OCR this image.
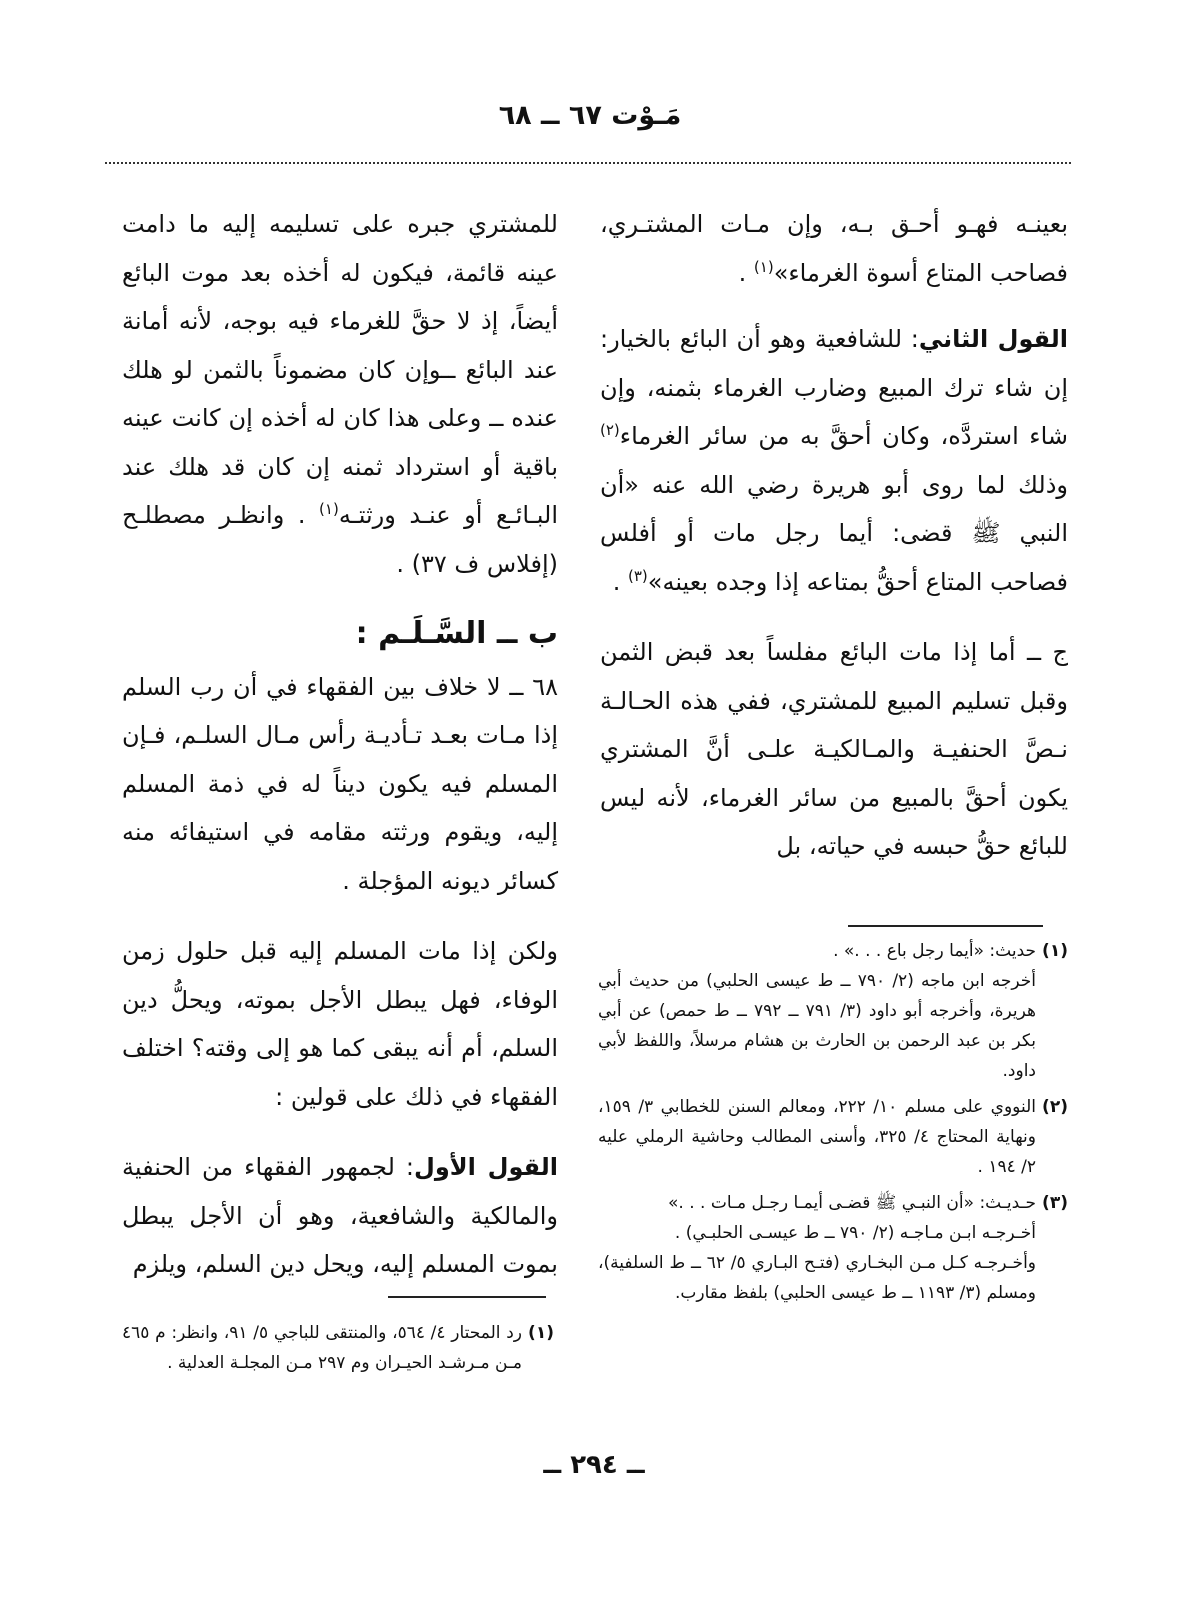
مَـوْت ٦٧ ــ ٦٨

بعينـه فهـو أحـق بـه، وإن مـات المشتـري، فصاحب المتاع أسوة الغرماء»$^{(١)}$ .

القول الثاني: للشافعية وهو أن البائع بالخيار: إن شاء ترك المبيع وضارب الغرماء بثمنه، وإن شاء استردَّه، وكان أحقَّ به من سائر الغرماء$^{(٢)}$ وذلك لما روى أبو هريرة رضي الله عنه «أن النبي ﷺ قضى: أيما رجل مات أو أفلس فصاحب المتاع أحقُّ بمتاعه إذا وجده بعينه»$^{(٣)}$ .

ج ــ أما إذا مات البائع مفلساً بعد قبض الثمن وقبل تسليم المبيع للمشتري، ففي هذه الحـالـة نـصَّ الحنفيـة والمـالكيـة علـى أنَّ المشتري يكون أحقَّ بالمبيع من سائر الغرماء، لأنه ليس للبائع حقُّ حبسه في حياته، بل

للمشتري جبره على تسليمه إليه ما دامت عينه قائمة، فيكون له أخذه بعد موت البائع أيضاً، إذ لا حقَّ للغرماء فيه بوجه، لأنه أمانة عند البائع ــوإن كان مضموناً بالثمن لو هلك عنده ــ وعلى هذا كان له أخذه إن كانت عينه باقية أو استرداد ثمنه إن كان قد هلك عند البـائـع أو عنـد ورثتـه$^{(١)}$ . وانظـر مصطلـح (إفلاس ف ٣٧) .

ب ــ السَّـلَـم :

٦٨ ــ لا خلاف بين الفقهاء في أن رب السلم إذا مـات بعـد تـأديـة رأس مـال السلـم، فـإن المسلم فيه يكون ديناً له في ذمة المسلم إليه، ويقوم ورثته مقامه في استيفائه منه كسائر ديونه المؤجلة .

ولكن إذا مات المسلم إليه قبل حلول زمن الوفاء، فهل يبطل الأجل بموته، ويحلُّ دين السلم، أم أنه يبقى كما هو إلى وقته؟ اختلف الفقهاء في ذلك على قولين :

القول الأول: لجمهور الفقهاء من الحنفية والمالكية والشافعية، وهو أن الأجل يبطل بموت المسلم إليه، ويحل دين السلم، ويلزم

(١)
حديث: «أيما رجل باع . . .» .
أخرجه ابن ماجه (٢/ ٧٩٠ ــ ط عيسى الحلبي) من حديث أبي هريرة، وأخرجه أبو داود (٣/ ٧٩١ ــ ٧٩٢ ــ ط حمص) عن أبي بكر بن عبد الرحمن بن الحارث بن هشام مرسلاً، واللفظ لأبي داود.
(٢)
النووي على مسلم ١٠/ ٢٢٢، ومعالم السنن للخطابي ٣/ ١٥٩، ونهاية المحتاج ٤/ ٣٢٥، وأسنى المطالب وحاشية الرملي عليه ٢/ ١٩٤ .
(٣)
حـديـث: «أن النبـي ﷺ قضـى أيمـا رجـل مـات . . .»
أخـرجـه ابـن مـاجـه (٢/ ٧٩٠ ــ ط عيسـى الحلبـي) .
وأخـرجـه كـل مـن البخـاري (فتـح البـاري ٥/ ٦٢ ــ ط السلفية)، ومسلم (٣/ ١١٩٣ ــ ط عيسى الحلبي) بلفظ مقارب.
(١)
رد المحتار ٤/ ٥٦٤، والمنتقى للباجي ٥/ ٩١، وانظر: م ٤٦٥ مـن مـرشـد الحيـران وم ٢٩٧ مـن المجلـة العدلية .
ــ ٢٩٤ ــ
